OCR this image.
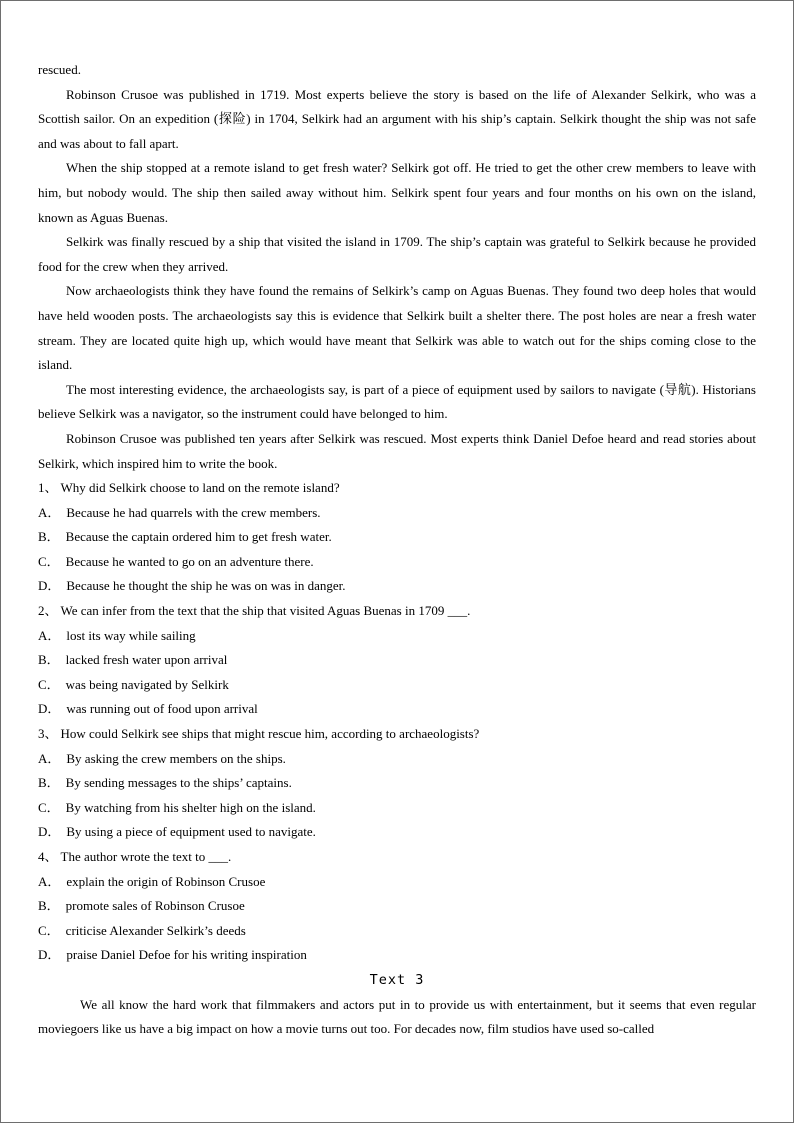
rescued.

Robinson Crusoe was published in 1719. Most experts believe the story is based on the life of Alexander Selkirk, who was a Scottish sailor. On an expedition (探险) in 1704, Selkirk had an argument with his ship’s captain. Selkirk thought the ship was not safe and was about to fall apart.

When the ship stopped at a remote island to get fresh water? Selkirk got off. He tried to get the other crew members to leave with him, but nobody would. The ship then sailed away without him. Selkirk spent four years and four months on his own on the island, known as Aguas Buenas.

Selkirk was finally rescued by a ship that visited the island in 1709. The ship’s captain was grateful to Selkirk because he provided food for the crew when they arrived.

Now archaeologists think they have found the remains of Selkirk’s camp on Aguas Buenas. They found two deep holes that would have held wooden posts. The archaeologists say this is evidence that Selkirk built a shelter there. The post holes are near a fresh water stream. They are located quite high up, which would have meant that Selkirk was able to watch out for the ships coming close to the island.

The most interesting evidence, the archaeologists say, is part of a piece of equipment used by sailors to navigate (导航). Historians believe Selkirk was a navigator, so the instrument could have belonged to him.

Robinson Crusoe was published ten years after Selkirk was rescued. Most experts think Daniel Defoe heard and read stories about Selkirk, which inspired him to write the book.

1、 Why did Selkirk choose to land on the remote island?

A． Because he had quarrels with the crew members.

B． Because the captain ordered him to get fresh water.

C． Because he wanted to go on an adventure there.

D． Because he thought the ship he was on was in danger.

2、 We can infer from the text that the ship that visited Aguas Buenas in 1709 ___.

A． lost its way while sailing

B． lacked fresh water upon arrival

C． was being navigated by Selkirk

D． was running out of food upon arrival

3、 How could Selkirk see ships that might rescue him, according to archaeologists?

A． By asking the crew members on the ships.

B． By sending messages to the ships’ captains.

C． By watching from his shelter high on the island.

D． By using a piece of equipment used to navigate.

4、 The author wrote the text to ___.

A． explain the origin of Robinson Crusoe

B． promote sales of Robinson Crusoe

C． criticise Alexander Selkirk’s deeds

D． praise Daniel Defoe for his writing inspiration

Text 3

We all know the hard work that filmmakers and actors put in to provide us with entertainment, but it seems that even regular moviegoers like us have a big impact on how a movie turns out too. For decades now, film studios have used so-called
